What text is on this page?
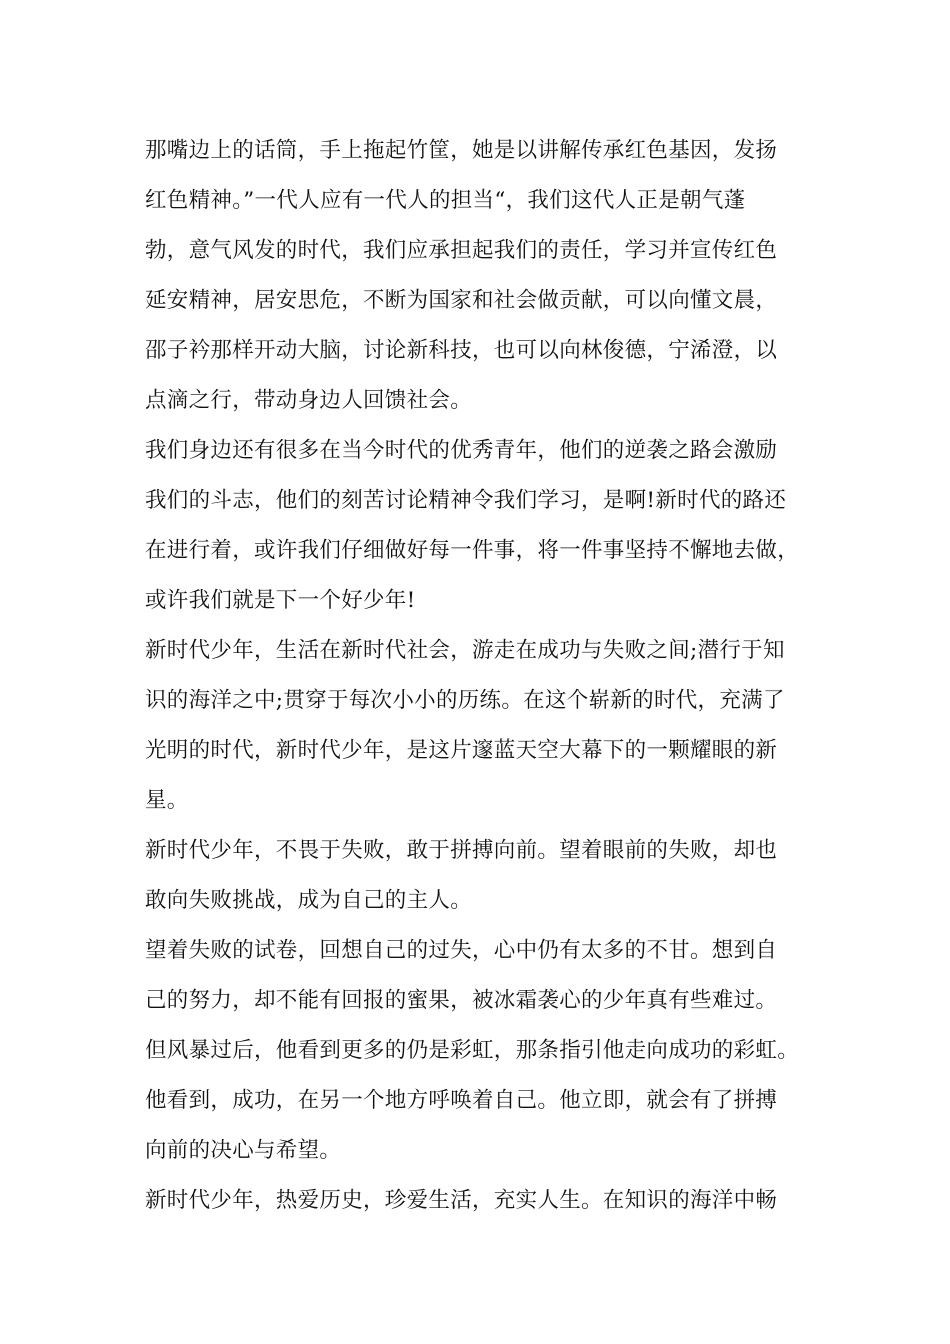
那嘴边上的话筒，手上拖起竹筐，她是以讲解传承红色基因，发扬
红色精神。”一代人应有一代人的担当“，我们这代人正是朝气蓬
勃，意气风发的时代，我们应承担起我们的责任，学习并宣传红色
延安精神，居安思危，不断为国家和社会做贡献，可以向懂文晨，
邵子衿那样开动大脑，讨论新科技，也可以向林俊德，宁浠澄，以
点滴之行，带动身边人回馈社会。
我们身边还有很多在当今时代的优秀青年，他们的逆袭之路会激励
我们的斗志，他们的刻苦讨论精神令我们学习，是啊!新时代的路还
在进行着，或许我们仔细做好每一件事，将一件事坚持不懈地去做，
或许我们就是下一个好少年!
新时代少年，生活在新时代社会，游走在成功与失败之间;潜行于知
识的海洋之中;贯穿于每次小小的历练。在这个崭新的时代，充满了
光明的时代，新时代少年，是这片邃蓝天空大幕下的一颗耀眼的新
星。
新时代少年，不畏于失败，敢于拼搏向前。望着眼前的失败，却也
敢向失败挑战，成为自己的主人。
望着失败的试卷，回想自己的过失，心中仍有太多的不甘。想到自
己的努力，却不能有回报的蜜果，被冰霜袭心的少年真有些难过。
但风暴过后，他看到更多的仍是彩虹，那条指引他走向成功的彩虹。
他看到，成功，在另一个地方呼唤着自己。他立即，就会有了拼搏
向前的决心与希望。
新时代少年，热爱历史，珍爱生活，充实人生。在知识的海洋中畅
